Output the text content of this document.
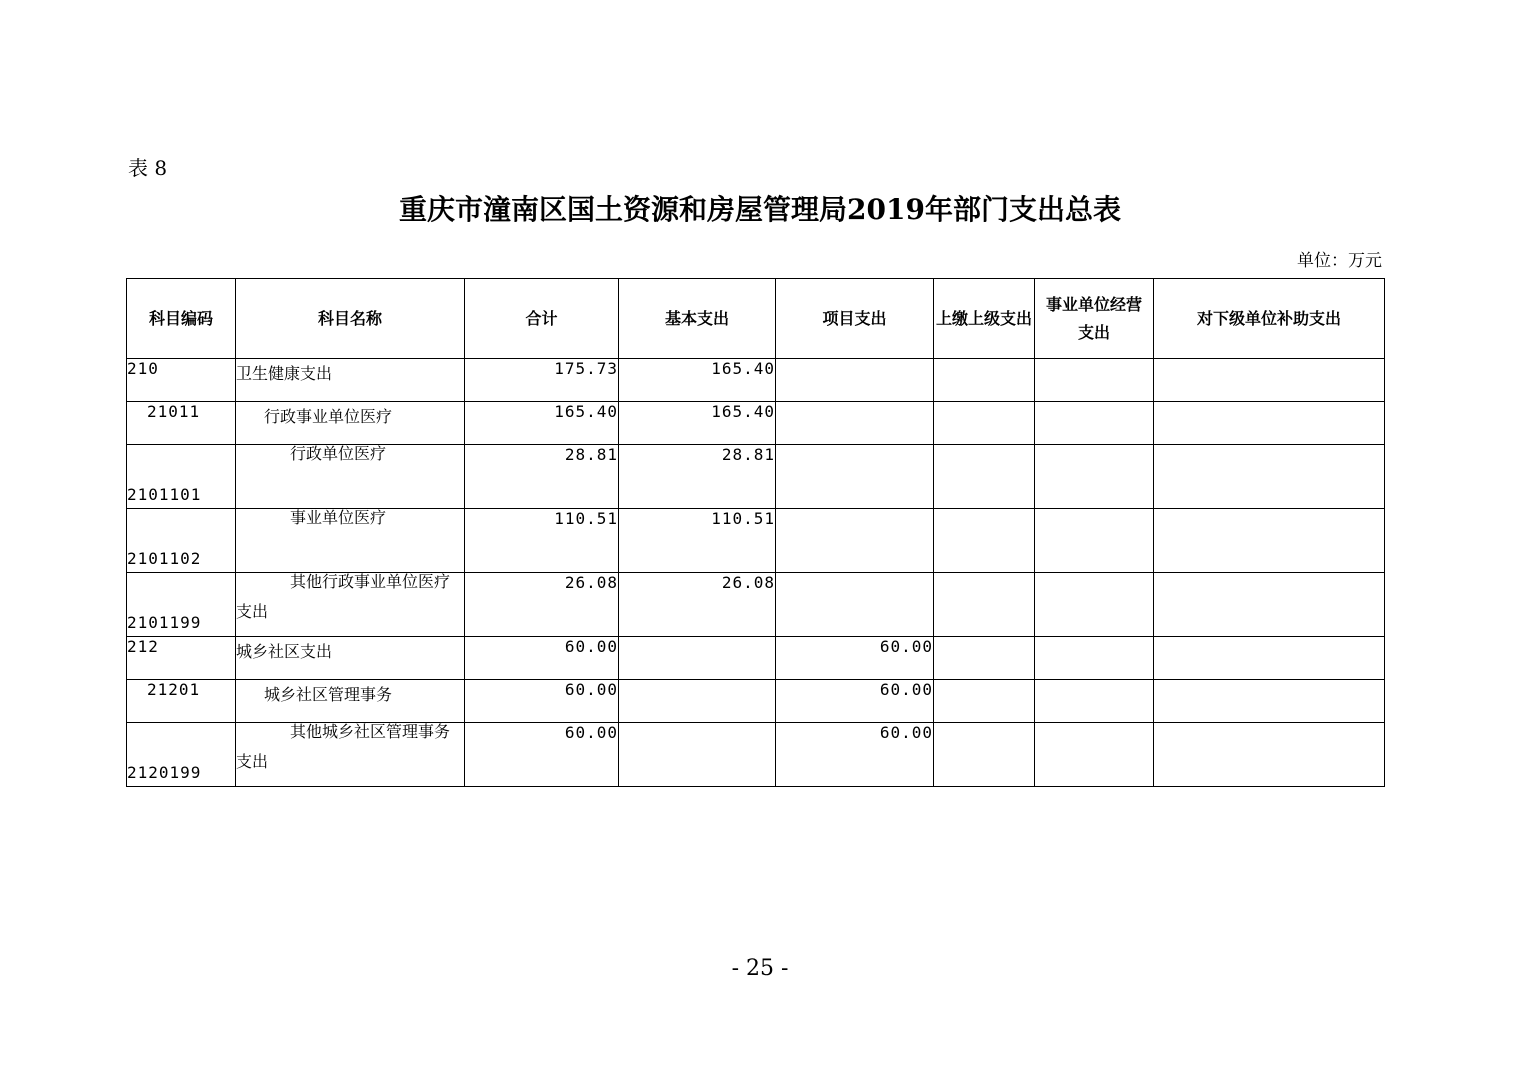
表 8
重庆市潼南区国土资源和房屋管理局2019年部门支出总表
单位：万元
科目编码	科目名称	合计	基本支出	项目支出	上缴上级支出	事业单位经营支出	对下级单位补助支出
210	卫生健康支出	175.73	165.40				
21011	行政事业单位医疗	165.40	165.40				
2101101	行政单位医疗	28.81	28.81				
2101102	事业单位医疗	110.51	110.51				
2101199	其他行政事业单位医疗支出	26.08	26.08				
212	城乡社区支出	60.00		60.00			
21201	城乡社区管理事务	60.00		60.00			
2120199	其他城乡社区管理事务支出	60.00		60.00			
- 25 -
